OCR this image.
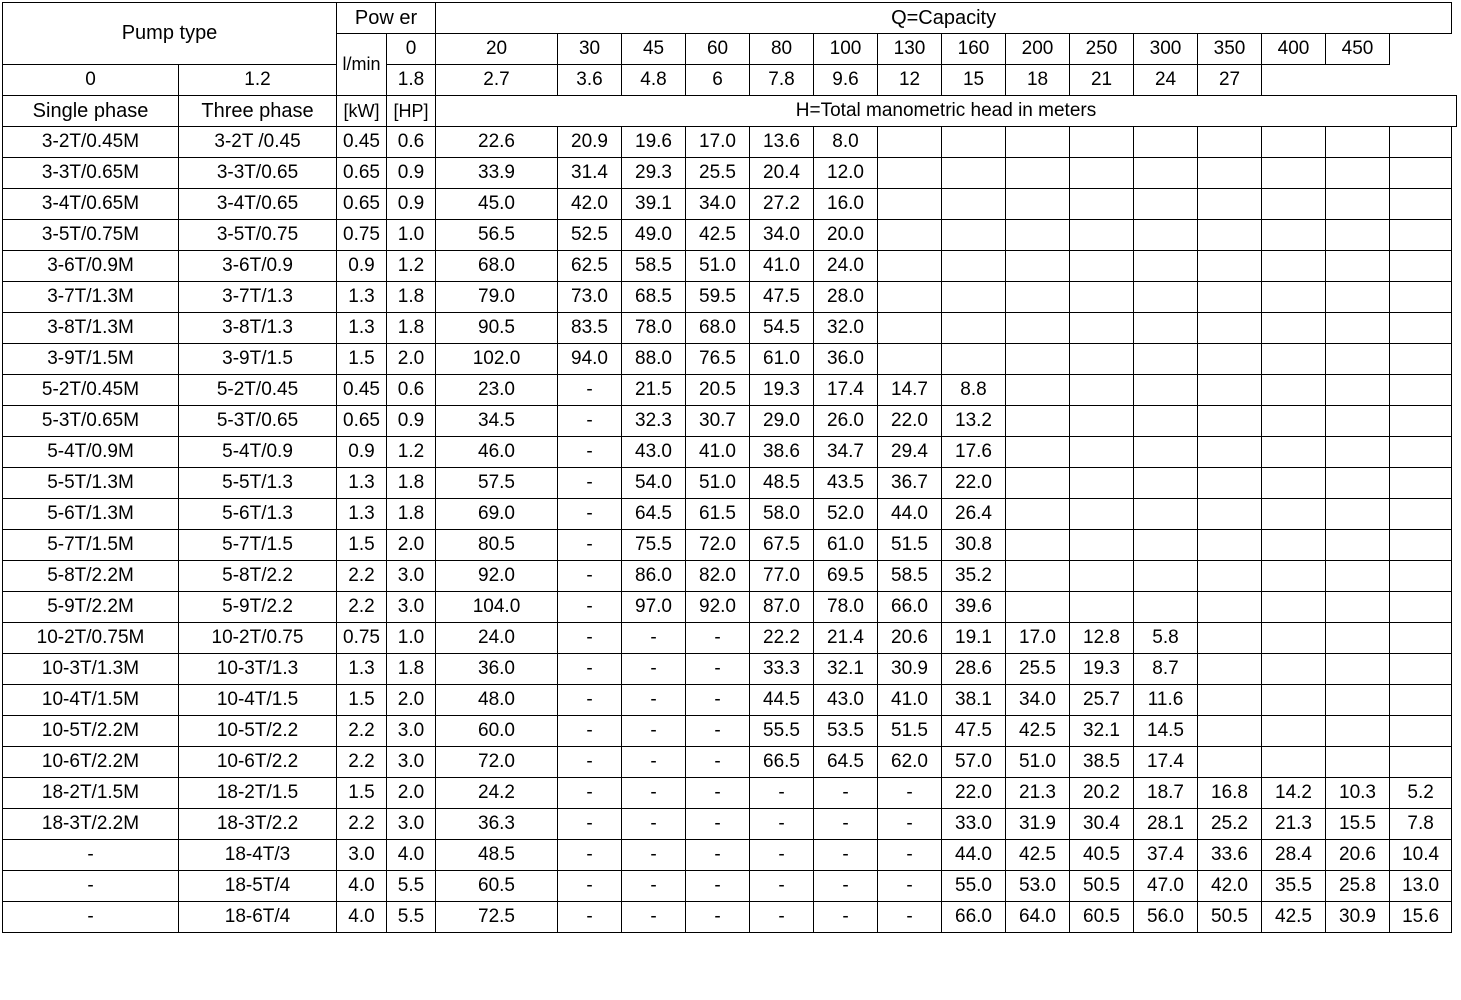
Pump type		Pow er		Q=Capacity														
		l/min	0	20	30	45	60	80	100	130	160	200	250	300	350	400	450	
0	1.2		1.8	2.7	3.6	4.8	6	7.8	9.6	12	15	18	21	24	27			
Single phase	Three phase	[kW]	[HP]	H=Total manometric head in meters														
3-2T/0.45M	3-2T /0.45	0.45	0.6	22.6	20.9	19.6	17.0	13.6	8.0									
3-3T/0.65M	3-3T/0.65	0.65	0.9	33.9	31.4	29.3	25.5	20.4	12.0									
3-4T/0.65M	3-4T/0.65	0.65	0.9	45.0	42.0	39.1	34.0	27.2	16.0									
3-5T/0.75M	3-5T/0.75	0.75	1.0	56.5	52.5	49.0	42.5	34.0	20.0									
3-6T/0.9M	3-6T/0.9	0.9	1.2	68.0	62.5	58.5	51.0	41.0	24.0									
3-7T/1.3M	3-7T/1.3	1.3	1.8	79.0	73.0	68.5	59.5	47.5	28.0									
3-8T/1.3M	3-8T/1.3	1.3	1.8	90.5	83.5	78.0	68.0	54.5	32.0									
3-9T/1.5M	3-9T/1.5	1.5	2.0	102.0	94.0	88.0	76.5	61.0	36.0									
5-2T/0.45M	5-2T/0.45	0.45	0.6	23.0	-	21.5	20.5	19.3	17.4	14.7	8.8							
5-3T/0.65M	5-3T/0.65	0.65	0.9	34.5	-	32.3	30.7	29.0	26.0	22.0	13.2							
5-4T/0.9M	5-4T/0.9	0.9	1.2	46.0	-	43.0	41.0	38.6	34.7	29.4	17.6							
5-5T/1.3M	5-5T/1.3	1.3	1.8	57.5	-	54.0	51.0	48.5	43.5	36.7	22.0							
5-6T/1.3M	5-6T/1.3	1.3	1.8	69.0	-	64.5	61.5	58.0	52.0	44.0	26.4							
5-7T/1.5M	5-7T/1.5	1.5	2.0	80.5	-	75.5	72.0	67.5	61.0	51.5	30.8							
5-8T/2.2M	5-8T/2.2	2.2	3.0	92.0	-	86.0	82.0	77.0	69.5	58.5	35.2							
5-9T/2.2M	5-9T/2.2	2.2	3.0	104.0	-	97.0	92.0	87.0	78.0	66.0	39.6							
10-2T/0.75M	10-2T/0.75	0.75	1.0	24.0	-	-	-	22.2	21.4	20.6	19.1	17.0	12.8	5.8				
10-3T/1.3M	10-3T/1.3	1.3	1.8	36.0	-	-	-	33.3	32.1	30.9	28.6	25.5	19.3	8.7				
10-4T/1.5M	10-4T/1.5	1.5	2.0	48.0	-	-	-	44.5	43.0	41.0	38.1	34.0	25.7	11.6				
10-5T/2.2M	10-5T/2.2	2.2	3.0	60.0	-	-	-	55.5	53.5	51.5	47.5	42.5	32.1	14.5				
10-6T/2.2M	10-6T/2.2	2.2	3.0	72.0	-	-	-	66.5	64.5	62.0	57.0	51.0	38.5	17.4				
18-2T/1.5M	18-2T/1.5	1.5	2.0	24.2	-	-	-	-	-	-	22.0	21.3	20.2	18.7	16.8	14.2	10.3	5.2
18-3T/2.2M	18-3T/2.2	2.2	3.0	36.3	-	-	-	-	-	-	33.0	31.9	30.4	28.1	25.2	21.3	15.5	7.8
-	18-4T/3	3.0	4.0	48.5	-	-	-	-	-	-	44.0	42.5	40.5	37.4	33.6	28.4	20.6	10.4
-	18-5T/4	4.0	5.5	60.5	-	-	-	-	-	-	55.0	53.0	50.5	47.0	42.0	35.5	25.8	13.0
-	18-6T/4	4.0	5.5	72.5	-	-	-	-	-	-	66.0	64.0	60.5	56.0	50.5	42.5	30.9	15.6
